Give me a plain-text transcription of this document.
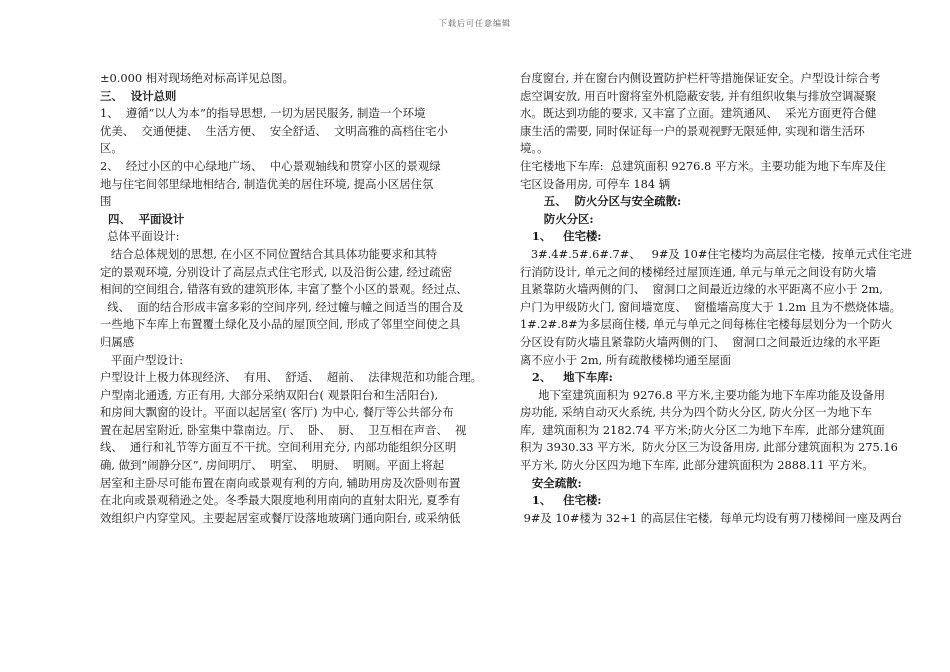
下载后可任意编辑

±0.000 相对现场绝对标高详见总图。

三、  设计总则

1、  遵循”以人为本”的指导思想, 一切为居民服务, 制造一个环境

优美、  交通便捷、  生活方便、  安全舒适、  文明高雅的高档住宅小

区。

2、  经过小区的中心绿地广场、  中心景观轴线和贯穿小区的景观绿

地与住宅间邻里绿地相结合, 制造优美的居住环境, 提高小区居住氛

围

四、  平面设计

总体平面设计:

结合总体规划的思想, 在小区不同位置结合其具体功能要求和其特

定的景观环境, 分别设计了高层点式住宅形式, 以及沿街公建, 经过疏密

相间的空间组合, 错落有致的建筑形体, 丰富了整个小区的景观。经过点、

线、  面的结合形成丰富多彩的空间序列, 经过幢与幢之间适当的围合及

一些地下车库上布置覆土绿化及小品的屋顶空间, 形成了邻里空间使之具

归属感

平面户型设计:

户型设计上极力体现经济、  有用、  舒适、  超前、  法律规范和功能合理。

户型南北通透, 方正有用, 大部分采纳双阳台( 观景阳台和生活阳台),

和房间大飘窗的设计。平面以起居室( 客厅) 为中心, 餐厅等公共部分布

置在起居室附近, 卧室集中靠南边。厅、  卧、  厨、  卫互相在声音、  视

线、  通行和礼节等方面互不干扰。空间利用充分, 内部功能组织分区明

确, 做到”闹静分区”, 房间明厅、  明室、  明厨、  明厕。平面上将起

居室和主卧尽可能布置在南向或景观有利的方向, 辅助用房及次卧则布置

在北向或景观稍逊之处。冬季最大限度地利用南向的直射太阳光, 夏季有

效组织户内穿堂风。主要起居室或餐厅设落地玻璃门通向阳台, 或采纳低

台度窗台, 并在窗台内侧设置防护栏杆等措施保证安全。户型设计综合考

虑空调安放, 用百叶窗将室外机隐蔽安装, 并有组织收集与排放空调凝聚

水。既达到功能的要求, 又丰富了立面。建筑通风、  采光方面更符合健

康生活的需要, 同时保证每一户的景观视野无限延伸, 实现和谐生活环

境。。

住宅楼地下车库:  总建筑面积 9276.8 平方米。主要功能为地下车库及住

宅区设备用房, 可停车 184 辆

五、  防火分区与安全疏散:

防火分区:

1、   住宅楼:

3#.4#.5#.6#.7#、   9#及 10#住宅楼均为高层住宅楼,  按单元式住宅进

行消防设计, 单元之间的楼梯经过屋顶连通, 单元与单元之间设有防火墙

且紧靠防火墙两侧的门、  窗洞口之间最近边缘的水平距离不应小于 2m,

户门为甲级防火门, 窗间墙宽度、  窗槛墙高度大于 1.2m 且为不燃烧体墙。

1#.2#.8#为多层商住楼, 单元与单元之间每栋住宅楼每层划分为一个防火

分区设有防火墙且紧靠防火墙两侧的门、  窗洞口之间最近边缘的水平距

离不应小于 2m, 所有疏散楼梯均通至屋面

2、   地下车库:

地下室建筑面积为 9276.8 平方米,主要功能为地下车库功能及设备用

房功能, 采纳自动灭火系统, 共分为四个防火分区, 防火分区一为地下车

库,  建筑面积为 2182.74 平方米;防火分区二为地下车库,  此部分建筑面

积为 3930.33 平方米,  防火分区三为设备用房, 此部分建筑面积为 275.16

平方米, 防火分区四为地下车库, 此部分建筑面积为 2888.11 平方米。

安全疏散:

1、   住宅楼:

9#及 10#楼为 32+1 的高层住宅楼,  每单元均设有剪刀楼梯间一座及两台
